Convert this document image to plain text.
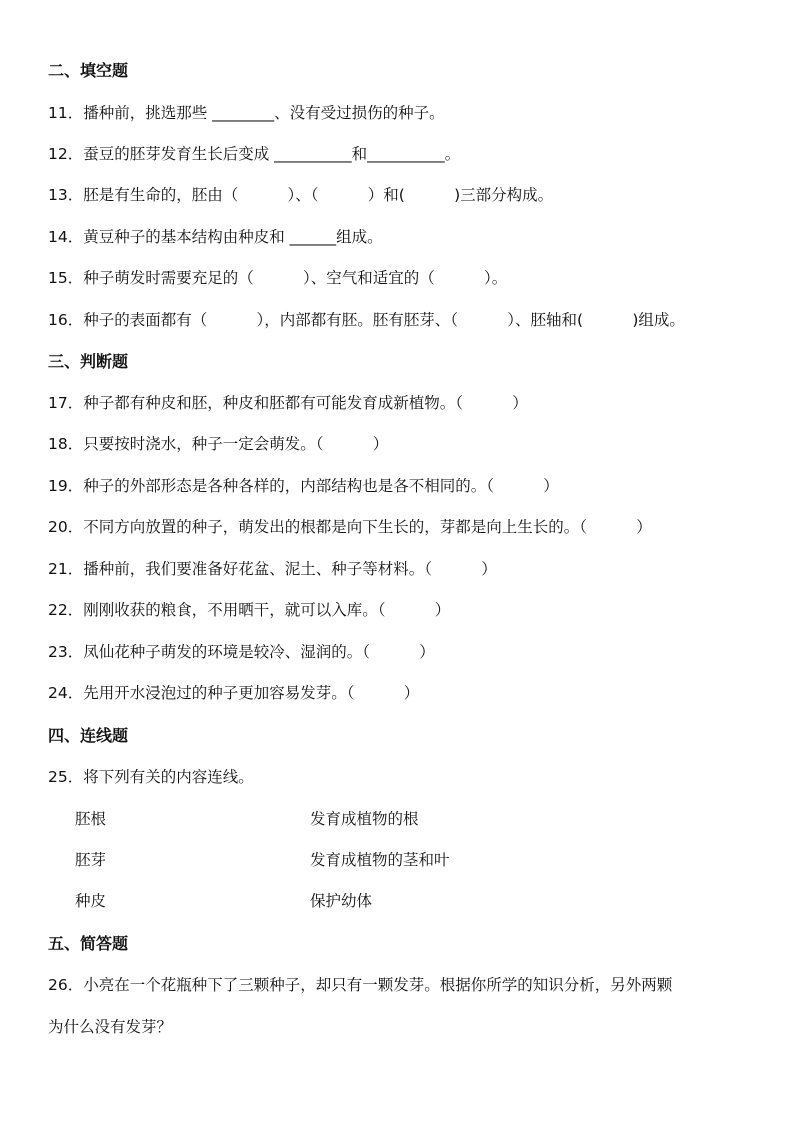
二、填空题
11．播种前，挑选那些 ________、没有受过损伤的种子。
12．蚕豆的胚芽发育生长后变成 __________和__________。
13．胚是有生命的，胚由（          ）、（          ）和(          )三部分构成。
14．黄豆种子的基本结构由种皮和 ______组成。
15．种子萌发时需要充足的（          ）、空气和适宜的（          ）。
16．种子的表面都有（          ），内部都有胚。胚有胚芽、（          ）、胚轴和(          )组成。
三、判断题
17．种子都有种皮和胚，种皮和胚都有可能发育成新植物。（          ）
18．只要按时浇水，种子一定会萌发。（          ）
19．种子的外部形态是各种各样的，内部结构也是各不相同的。（          ）
20．不同方向放置的种子，萌发出的根都是向下生长的，芽都是向上生长的。（          ）
21．播种前，我们要准备好花盆、泥土、种子等材料。（          ）
22．刚刚收获的粮食，不用晒干，就可以入库。（          ）
23．凤仙花种子萌发的环境是较冷、湿润的。（          ）
24．先用开水浸泡过的种子更加容易发芽。（          ）
四、连线题
25．将下列有关的内容连线。
胚根	发育成植物的根
胚芽	发育成植物的茎和叶
种皮	保护幼体
五、简答题
26．小亮在一个花瓶种下了三颗种子，却只有一颗发芽。根据你所学的知识分析，另外两颗
为什么没有发芽？
